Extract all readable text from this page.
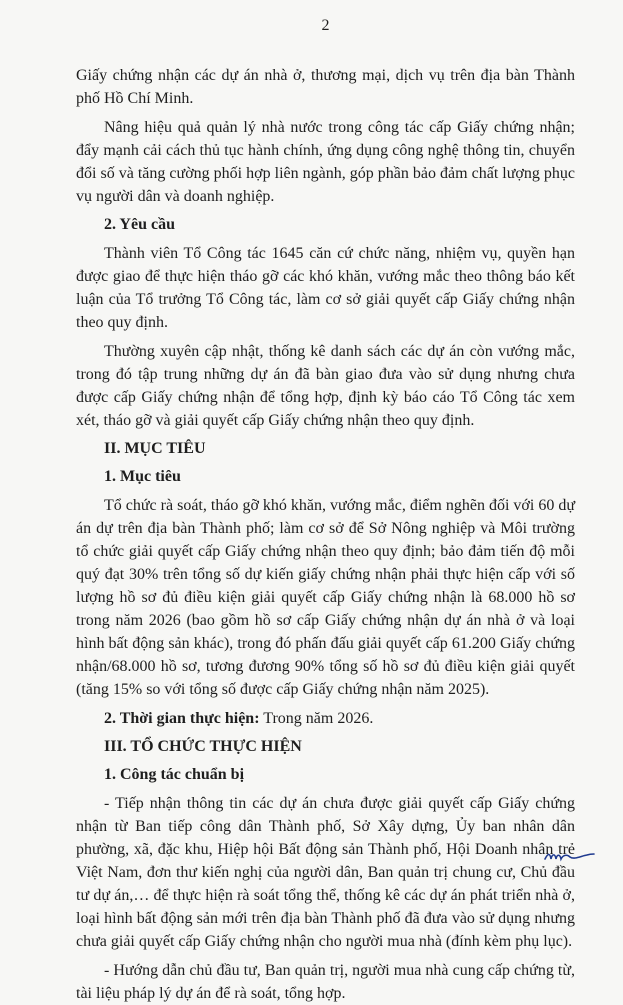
2

Giấy chứng nhận các dự án nhà ở, thương mại, dịch vụ trên địa bàn Thành phố Hồ Chí Minh.

Nâng hiệu quả quản lý nhà nước trong công tác cấp Giấy chứng nhận; đẩy mạnh cải cách thủ tục hành chính, ứng dụng công nghệ thông tin, chuyển đổi số và tăng cường phối hợp liên ngành, góp phần bảo đảm chất lượng phục vụ người dân và doanh nghiệp.

2. Yêu cầu

Thành viên Tổ Công tác 1645 căn cứ chức năng, nhiệm vụ, quyền hạn được giao để thực hiện tháo gỡ các khó khăn, vướng mắc theo thông báo kết luận của Tổ trưởng Tổ Công tác, làm cơ sở giải quyết cấp Giấy chứng nhận theo quy định.

Thường xuyên cập nhật, thống kê danh sách các dự án còn vướng mắc, trong đó tập trung những dự án đã bàn giao đưa vào sử dụng nhưng chưa được cấp Giấy chứng nhận để tổng hợp, định kỳ báo cáo Tổ Công tác xem xét, tháo gỡ và giải quyết cấp Giấy chứng nhận theo quy định.

II. MỤC TIÊU

1. Mục tiêu

Tổ chức rà soát, tháo gỡ khó khăn, vướng mắc, điểm nghẽn đối với 60 dự án dự trên địa bàn Thành phố; làm cơ sở để Sở Nông nghiệp và Môi trường tổ chức giải quyết cấp Giấy chứng nhận theo quy định; bảo đảm tiến độ mỗi quý đạt 30% trên tổng số dự kiến giấy chứng nhận phải thực hiện cấp với số lượng hồ sơ đủ điều kiện giải quyết cấp Giấy chứng nhận là 68.000 hồ sơ trong năm 2026 (bao gồm hồ sơ cấp Giấy chứng nhận dự án nhà ở và loại hình bất động sản khác), trong đó phấn đấu giải quyết cấp 61.200 Giấy chứng nhận/68.000 hồ sơ, tương đương 90% tổng số hồ sơ đủ điều kiện giải quyết (tăng 15% so với tổng số được cấp Giấy chứng nhận năm 2025).

2. Thời gian thực hiện: Trong năm 2026.

III. TỔ CHỨC THỰC HIỆN

1. Công tác chuẩn bị

- Tiếp nhận thông tin các dự án chưa được giải quyết cấp Giấy chứng nhận từ Ban tiếp công dân Thành phố, Sở Xây dựng, Ủy ban nhân dân phường, xã, đặc khu, Hiệp hội Bất động sản Thành phố, Hội Doanh nhân trẻ Việt Nam, đơn thư kiến nghị của người dân, Ban quản trị chung cư, Chủ đầu tư dự án,… để thực hiện rà soát tổng thể, thống kê các dự án phát triển nhà ở, loại hình bất động sản mới trên địa bàn Thành phố đã đưa vào sử dụng nhưng chưa giải quyết cấp Giấy chứng nhận cho người mua nhà (đính kèm phụ lục).

- Hướng dẫn chủ đầu tư, Ban quản trị, người mua nhà cung cấp chứng từ, tài liệu pháp lý dự án để rà soát, tổng hợp.
